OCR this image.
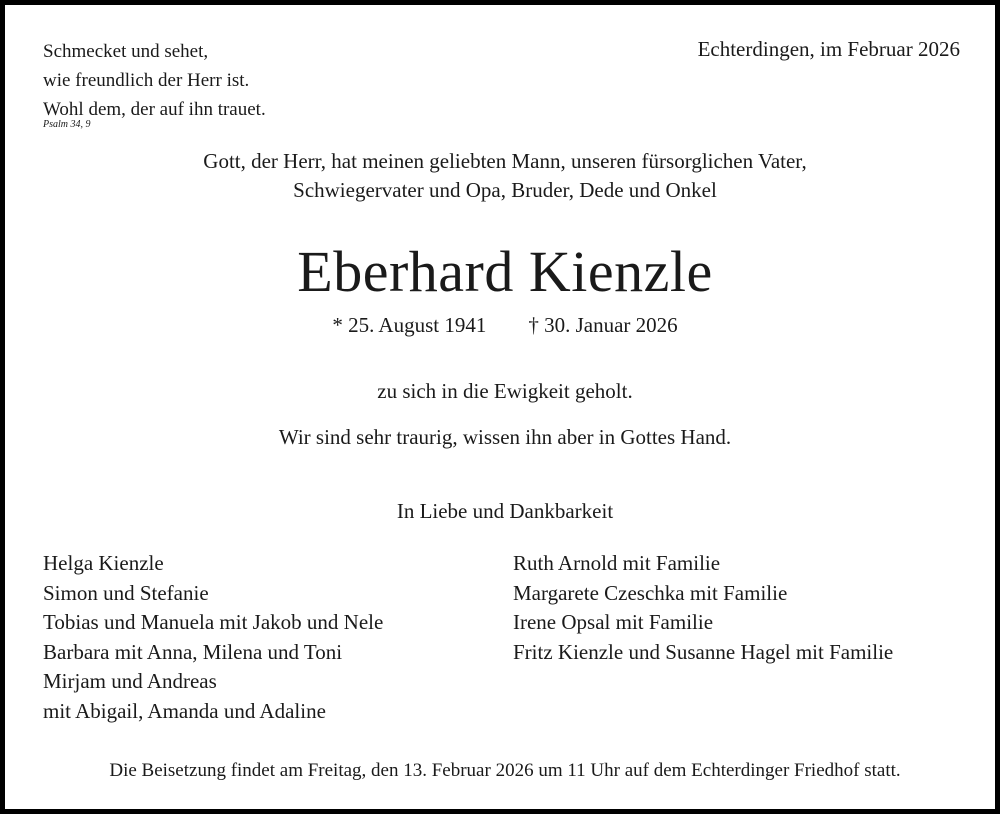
Schmecket und sehet,
wie freundlich der Herr ist.
Wohl dem, der auf ihn trauet.
Psalm 34, 9
Echterdingen, im Februar 2026
Gott, der Herr, hat meinen geliebten Mann, unseren fürsorglichen Vater,
Schwiegervater und Opa, Bruder, Dede und Onkel
Eberhard Kienzle
* 25. August 1941 † 30. Januar 2026
zu sich in die Ewigkeit geholt.
Wir sind sehr traurig, wissen ihn aber in Gottes Hand.
In Liebe und Dankbarkeit
Helga Kienzle
Simon und Stefanie
Tobias und Manuela mit Jakob und Nele
Barbara mit Anna, Milena und Toni
Mirjam und Andreas
mit Abigail, Amanda und Adaline
Ruth Arnold mit Familie
Margarete Czeschka mit Familie
Irene Opsal mit Familie
Fritz Kienzle und Susanne Hagel mit Familie
Die Beisetzung findet am Freitag, den 13. Februar 2026 um 11 Uhr auf dem Echterdinger Friedhof statt.
